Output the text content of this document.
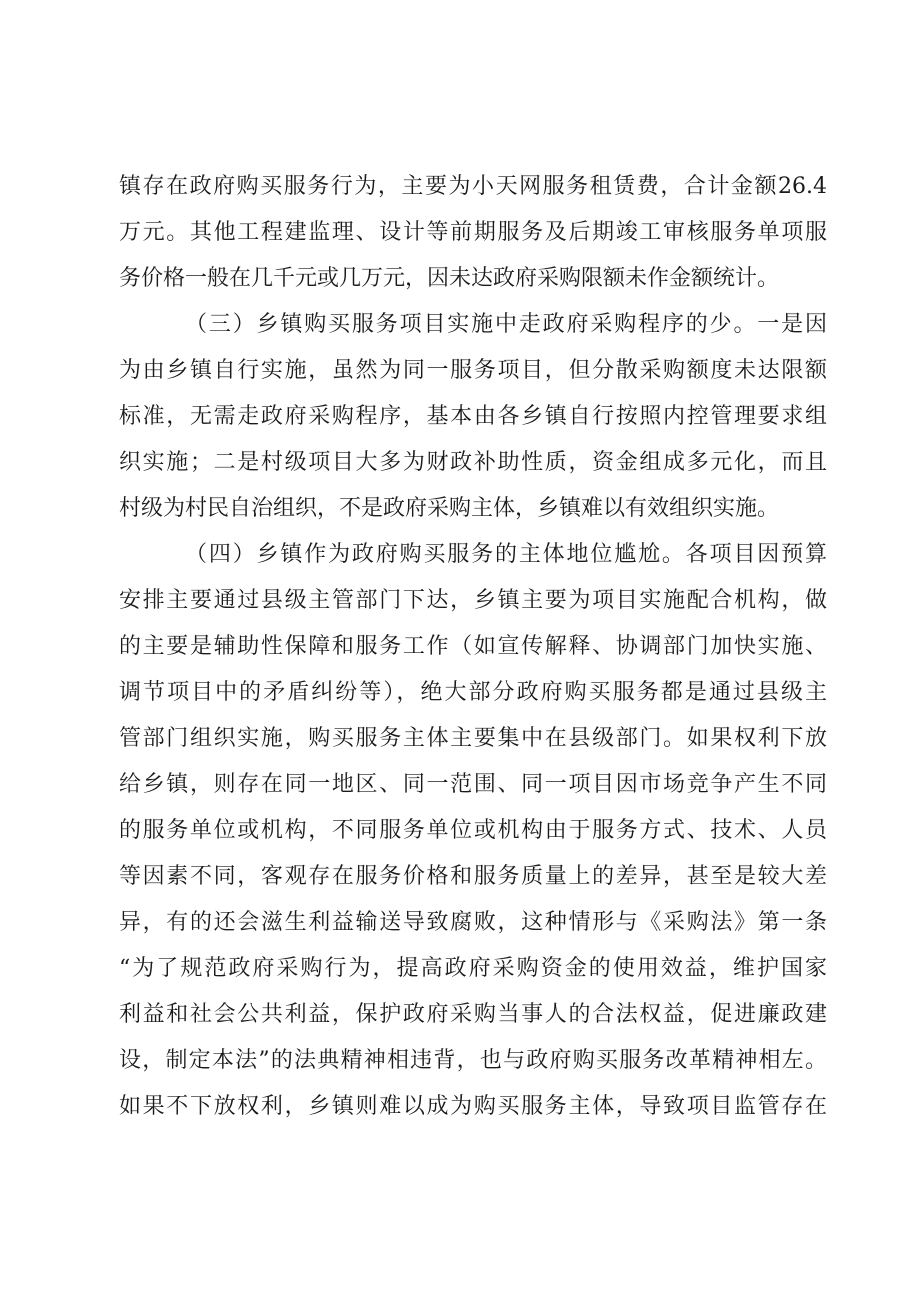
镇存在政府购买服务行为，主要为小天网服务租赁费，合计金额26.4
万元。其他工程建监理、设计等前期服务及后期竣工审核服务单项服
务价格一般在几千元或几万元，因未达政府采购限额未作金额统计。
（三）乡镇购买服务项目实施中走政府采购程序的少。一是因
为由乡镇自行实施，虽然为同一服务项目，但分散采购额度未达限额
标准，无需走政府采购程序，基本由各乡镇自行按照内控管理要求组
织实施；二是村级项目大多为财政补助性质，资金组成多元化，而且
村级为村民自治组织，不是政府采购主体，乡镇难以有效组织实施。
（四）乡镇作为政府购买服务的主体地位尴尬。各项目因预算
安排主要通过县级主管部门下达，乡镇主要为项目实施配合机构，做
的主要是辅助性保障和服务工作（如宣传解释、协调部门加快实施、
调节项目中的矛盾纠纷等），绝大部分政府购买服务都是通过县级主
管部门组织实施，购买服务主体主要集中在县级部门。如果权利下放
给乡镇，则存在同一地区、同一范围、同一项目因市场竞争产生不同
的服务单位或机构，不同服务单位或机构由于服务方式、技术、人员
等因素不同，客观存在服务价格和服务质量上的差异，甚至是较大差
异，有的还会滋生利益输送导致腐败，这种情形与《采购法》第一条
“为了规范政府采购行为，提高政府采购资金的使用效益，维护国家
利益和社会公共利益，保护政府采购当事人的合法权益，促进廉政建
设，制定本法”的法典精神相违背，也与政府购买服务改革精神相左。
如果不下放权利，乡镇则难以成为购买服务主体，导致项目监管存在
